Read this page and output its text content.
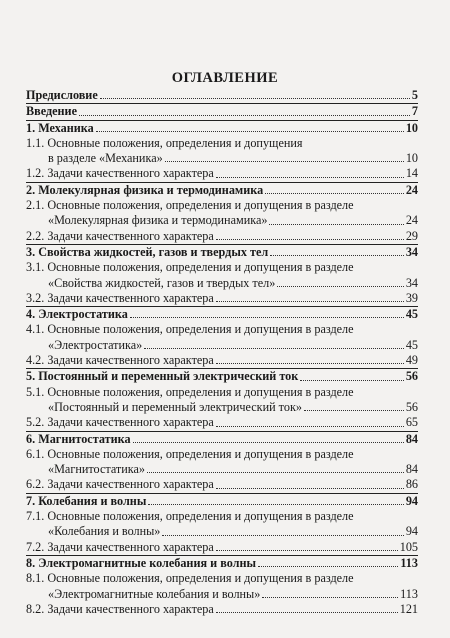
ОГЛАВЛЕНИЕ
Предисловие	5
Введение	7
1. Механика	10
1.1. Основные положения, определения и допущения
в разделе «Механика»	10
1.2. Задачи качественного характера	14
2. Молекулярная физика и термодинамика	24
2.1. Основные положения, определения и допущения в разделе
«Молекулярная физика и термодинамика»	24
2.2. Задачи качественного характера	29
3. Свойства жидкостей, газов и твердых тел	34
3.1. Основные положения, определения и допущения в разделе
«Свойства жидкостей, газов и твердых тел»	34
3.2. Задачи качественного характера	39
4. Электростатика	45
4.1. Основные положения, определения и допущения в разделе
«Электростатика»	45
4.2. Задачи качественного характера	49
5. Постоянный и переменный электрический ток	56
5.1. Основные положения, определения и допущения в разделе
«Постоянный и переменный электрический ток»	56
5.2. Задачи качественного характера	65
6. Магнитостатика	84
6.1. Основные положения, определения и допущения в разделе
«Магнитостатика»	84
6.2. Задачи качественного характера	86
7. Колебания и волны	94
7.1. Основные положения, определения и допущения в разделе
«Колебания и волны»	94
7.2. Задачи качественного характера	105
8. Электромагнитные колебания и волны	113
8.1. Основные положения, определения и допущения в разделе
«Электромагнитные колебания и волны»	113
8.2. Задачи качественного характера	121
